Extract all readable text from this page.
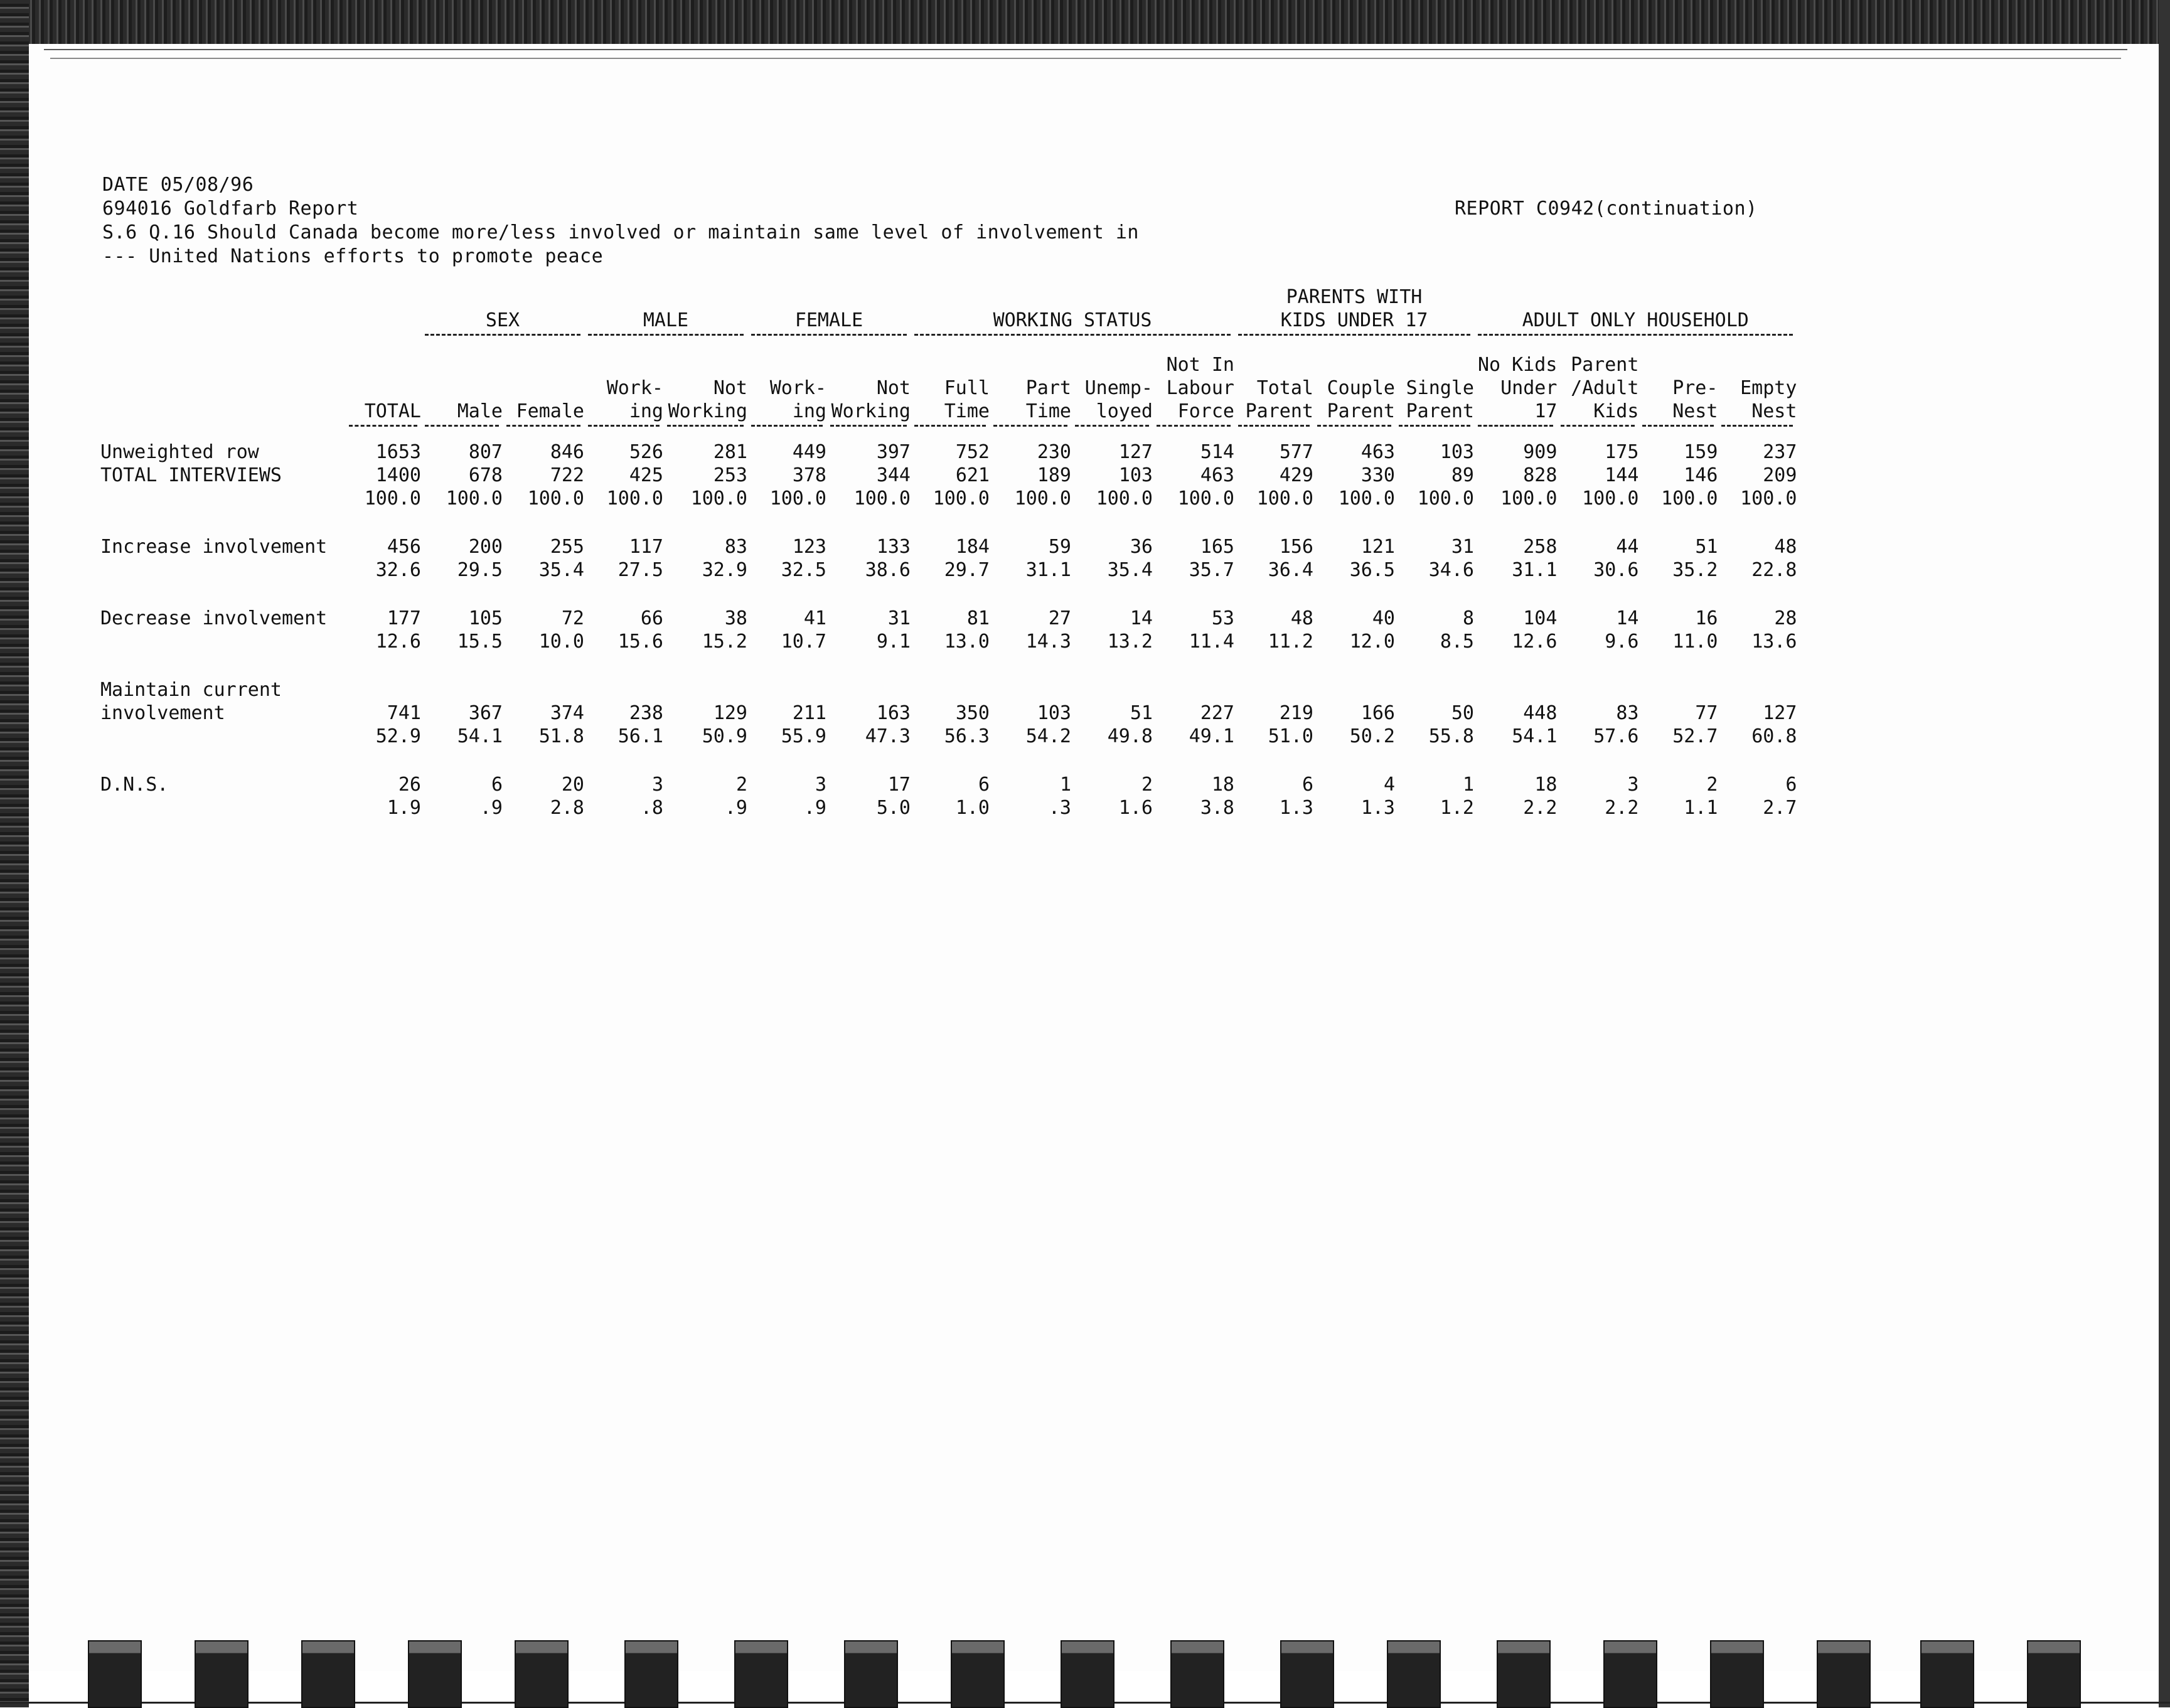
DATE 05/08/96
694016 Goldfarb Report
S.6 Q.16 Should Canada become more/less involved or maintain same level of involvement in
--- United Nations efforts to promote peace
REPORT C0942(continuation)

		SEX		MALE		FEMALE		WORKING STATUS				PARENTS WITH
KIDS UNDER 17			ADULT ONLY HOUSEHOLD			

											Not In				No Kids	Parent		
				Work-	Not	Work-	Not	Full	Part	Unemp-	Labour	Total	Couple	Single	Under	/Adult	Pre-	Empty
	TOTAL	Male	Female	ing	Working	ing	Working	Time	Time	loyed	Force	Parent	Parent	Parent	17	Kids	Nest	Nest

Unweighted row	1653	807	846	526	281	449	397	752	230	127	514	577	463	103	909	175	159	237
TOTAL INTERVIEWS	1400	678	722	425	253	378	344	621	189	103	463	429	330	89	828	144	146	209
	100.0	100.0	100.0	100.0	100.0	100.0	100.0	100.0	100.0	100.0	100.0	100.0	100.0	100.0	100.0	100.0	100.0	100.0

Increase involvement	456	200	255	117	83	123	133	184	59	36	165	156	121	31	258	44	51	48
	32.6	29.5	35.4	27.5	32.9	32.5	38.6	29.7	31.1	35.4	35.7	36.4	36.5	34.6	31.1	30.6	35.2	22.8

Decrease involvement	177	105	72	66	38	41	31	81	27	14	53	48	40	8	104	14	16	28
	12.6	15.5	10.0	15.6	15.2	10.7	9.1	13.0	14.3	13.2	11.4	11.2	12.0	8.5	12.6	9.6	11.0	13.6

Maintain current																		
involvement	741	367	374	238	129	211	163	350	103	51	227	219	166	50	448	83	77	127
	52.9	54.1	51.8	56.1	50.9	55.9	47.3	56.3	54.2	49.8	49.1	51.0	50.2	55.8	54.1	57.6	52.7	60.8

D.N.S.	26	6	20	3	2	3	17	6	1	2	18	6	4	1	18	3	2	6
	1.9	.9	2.8	.8	.9	.9	5.0	1.0	.3	1.6	3.8	1.3	1.3	1.2	2.2	2.2	1.1	2.7
